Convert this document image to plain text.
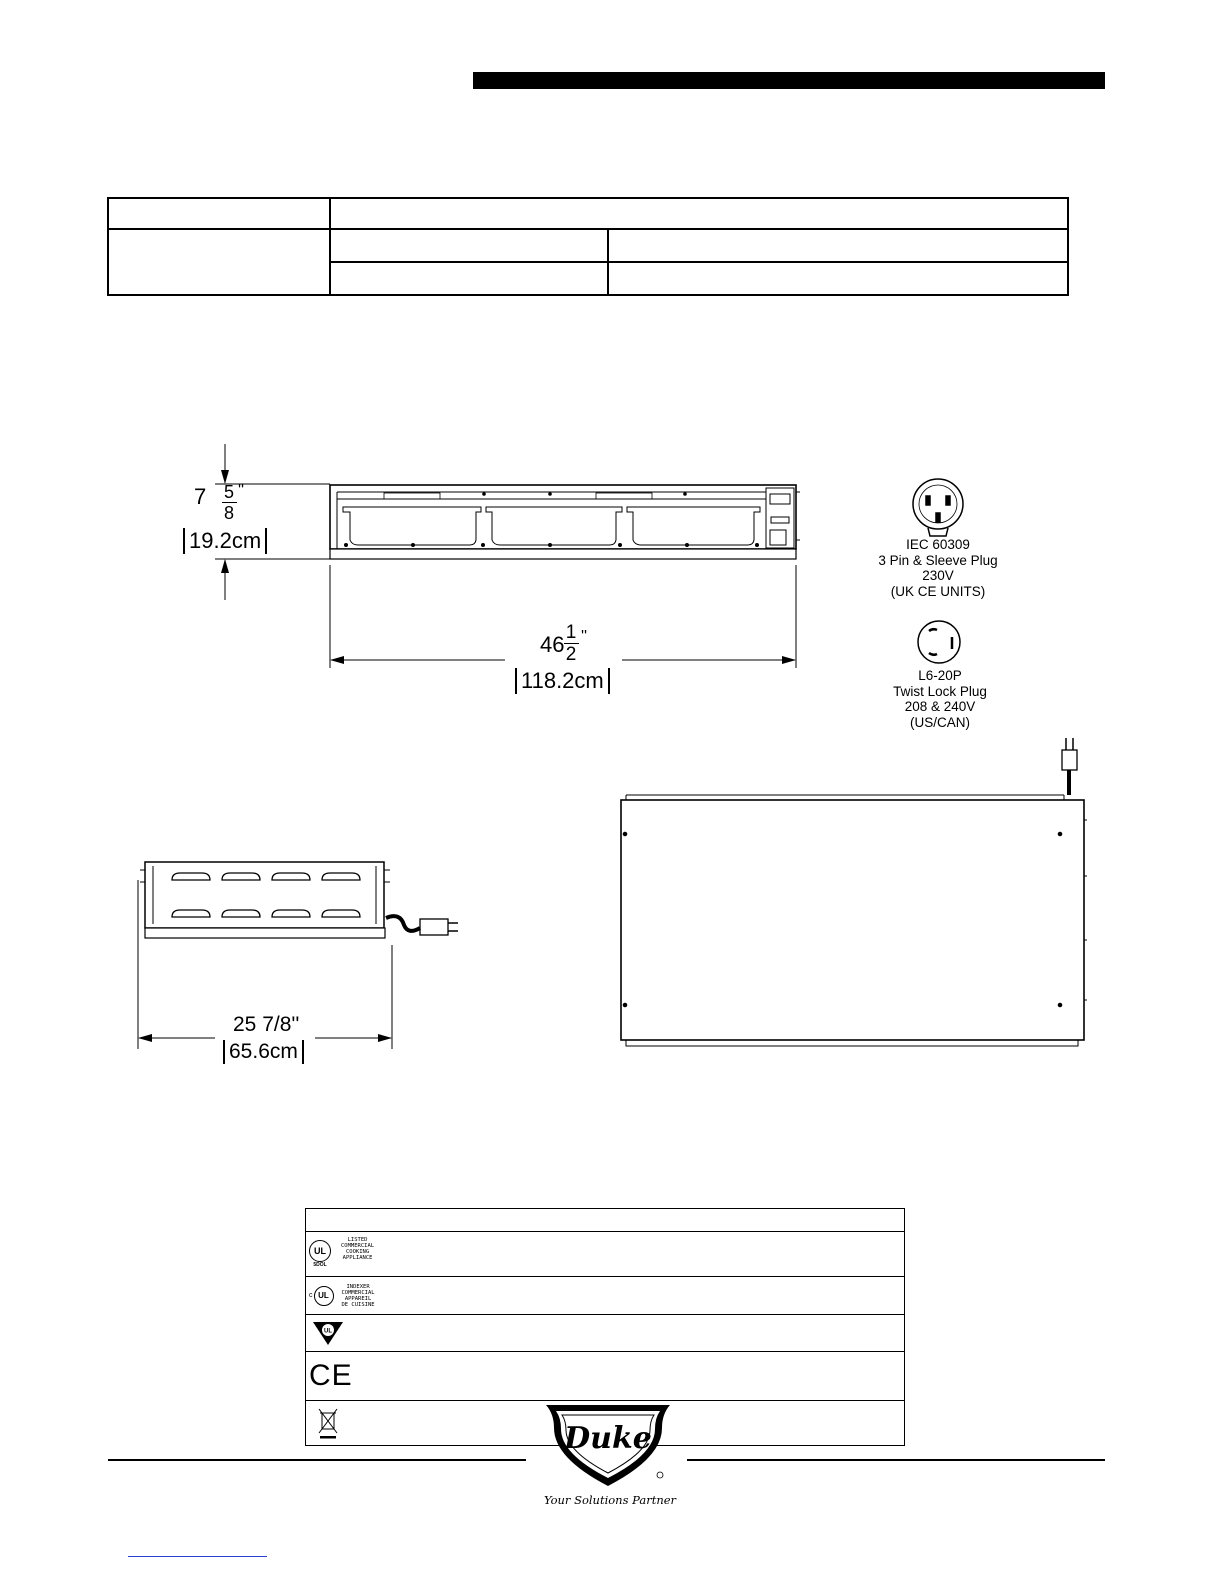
7 5
8
''
19.2cm
46 1
2
''
118.2cm
25 7/8''
65.6cm
IEC 60309
3 Pin & Sleeve Plug
230V
(UK CE UNITS)
L6-20P
Twist Lock Plug
208 & 240V
(US/CAN)

UL
5DOL
LISTED
COMMERCIAL
COOKING
APPLIANCE

c UL
INDEXER
COMMERCIAL
APPAREIL
DE CUISINE

UL

CE

Duke
Your Solutions Partner
